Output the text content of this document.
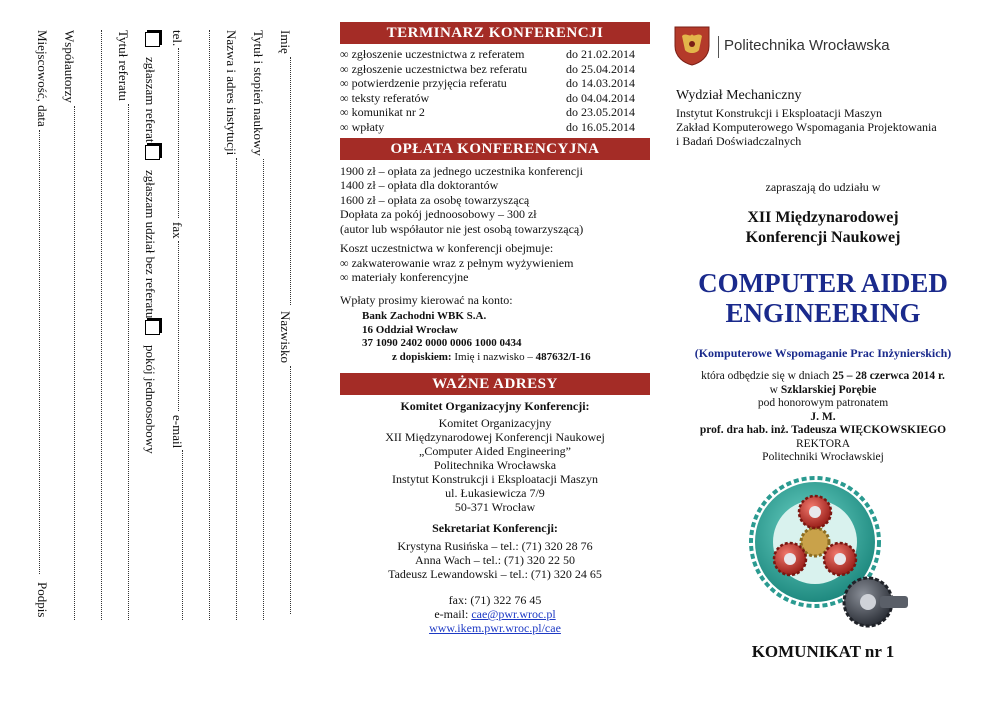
Imię
Nazwisko
Tytuł i stopień naukowy
Nazwa i adres instytucji
tel.
fax
e-mail
zgłaszam referat
zgłaszam udział bez referatu
pokój jednoosobowy
Tytuł referatu
Współautorzy
Miejscowość, data
Podpis
TERMINARZ KONFERENCJI
∞ zgłoszenie uczestnictwa z referatem	do 21.02.2014
∞ zgłoszenie uczestnictwa bez referatu	do 25.04.2014
∞ potwierdzenie przyjęcia referatu	do 14.03.2014
∞ teksty referatów	do 04.04.2014
∞ komunikat nr 2	do 23.05.2014
∞ wpłaty	do 16.05.2014
OPŁATA KONFERENCYJNA
1900 zł – opłata za jednego uczestnika konferencji
1400 zł – opłata dla doktorantów
1600 zł – opłata za osobę towarzyszącą
Dopłata za pokój jednoosobowy – 300 zł
(autor lub współautor nie jest osobą towarzyszącą)
Koszt uczestnictwa w konferencji obejmuje:
∞ zakwaterowanie wraz z pełnym wyżywieniem
∞ materiały konferencyjne
Wpłaty prosimy kierować na konto:
Bank Zachodni WBK S.A.
16 Oddział Wrocław
37 1090 2402 0000 0006 1000 0434
z dopiskiem: Imię i nazwisko – 487632/I-16
WAŻNE ADRESY
Komitet Organizacyjny Konferencji:
Komitet Organizacyjny
XII Międzynarodowej Konferencji Naukowej
„Computer Aided Engineering”
Politechnika Wrocławska
Instytut Konstrukcji i Eksploatacji Maszyn
ul. Łukasiewicza 7/9
50-371 Wrocław
Sekretariat Konferencji:
Krystyna Rusińska – tel.: (71) 320 28 76
Anna Wach – tel.: (71) 320 22 50
Tadeusz Lewandowski – tel.: (71) 320 24 65
fax: (71) 322 76 45
e-mail: cae@pwr.wroc.pl
www.ikem.pwr.wroc.pl/cae
Politechnika Wrocławska
Wydział Mechaniczny
Instytut Konstrukcji i Eksploatacji Maszyn
Zakład Komputerowego Wspomagania Projektowania
i Badań Doświadczalnych
zapraszają do udziału w
XII Międzynarodowej
Konferencji Naukowej
COMPUTER AIDED
ENGINEERING
(Komputerowe Wspomaganie Prac Inżynierskich)
która odbędzie się w dniach 25 – 28 czerwca 2014 r.
w Szklarskiej Porębie
pod honorowym patronatem
J. M.
prof. dra hab. inż. Tadeusza WIĘCKOWSKIEGO
REKTORA
Politechniki Wrocławskiej
KOMUNIKAT nr 1
